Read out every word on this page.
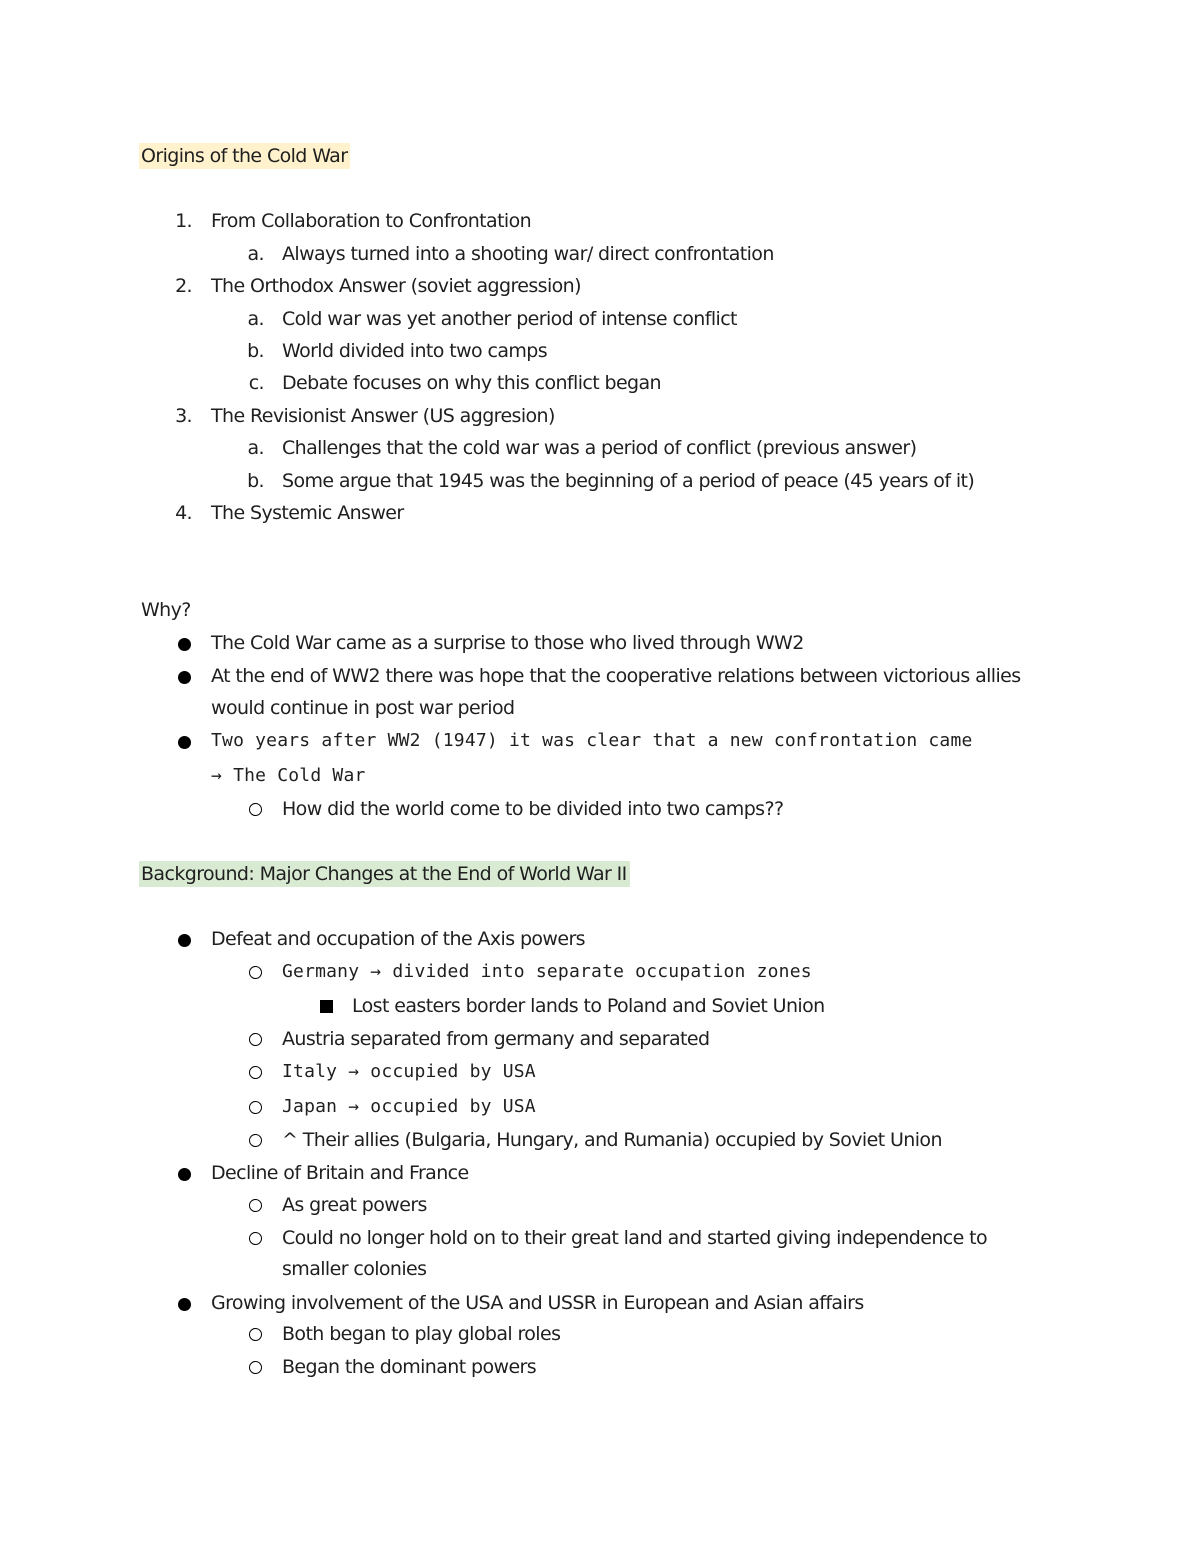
Origins of the Cold War
1. From Collaboration to Confrontation
a. Always turned into a shooting war/ direct confrontation
2. The Orthodox Answer (soviet aggression)
a. Cold war was yet another period of intense conflict
b. World divided into two camps
c. Debate focuses on why this conflict began
3. The Revisionist Answer (US aggresion)
a. Challenges that the cold war was a period of conflict (previous answer)
b. Some argue that 1945 was the beginning of a period of peace (45 years of it)
4. The Systemic Answer
Why?
The Cold War came as a surprise to those who lived through WW2
At the end of WW2 there was hope that the cooperative relations between victorious allies
would continue in post war period
Two years after WW2 (1947) it was clear that a new confrontation came
→ The Cold War
How did the world come to be divided into two camps??
Background: Major Changes at the End of World War II
Defeat and occupation of the Axis powers
Germany → divided into separate occupation zones
Lost easters border lands to Poland and Soviet Union
Austria separated from germany and separated
Italy → occupied by USA
Japan → occupied by USA
^ Their allies (Bulgaria, Hungary, and Rumania) occupied by Soviet Union
Decline of Britain and France
As great powers
Could no longer hold on to their great land and started giving independence to
smaller colonies
Growing involvement of the USA and USSR in European and Asian affairs
Both began to play global roles
Began the dominant powers
